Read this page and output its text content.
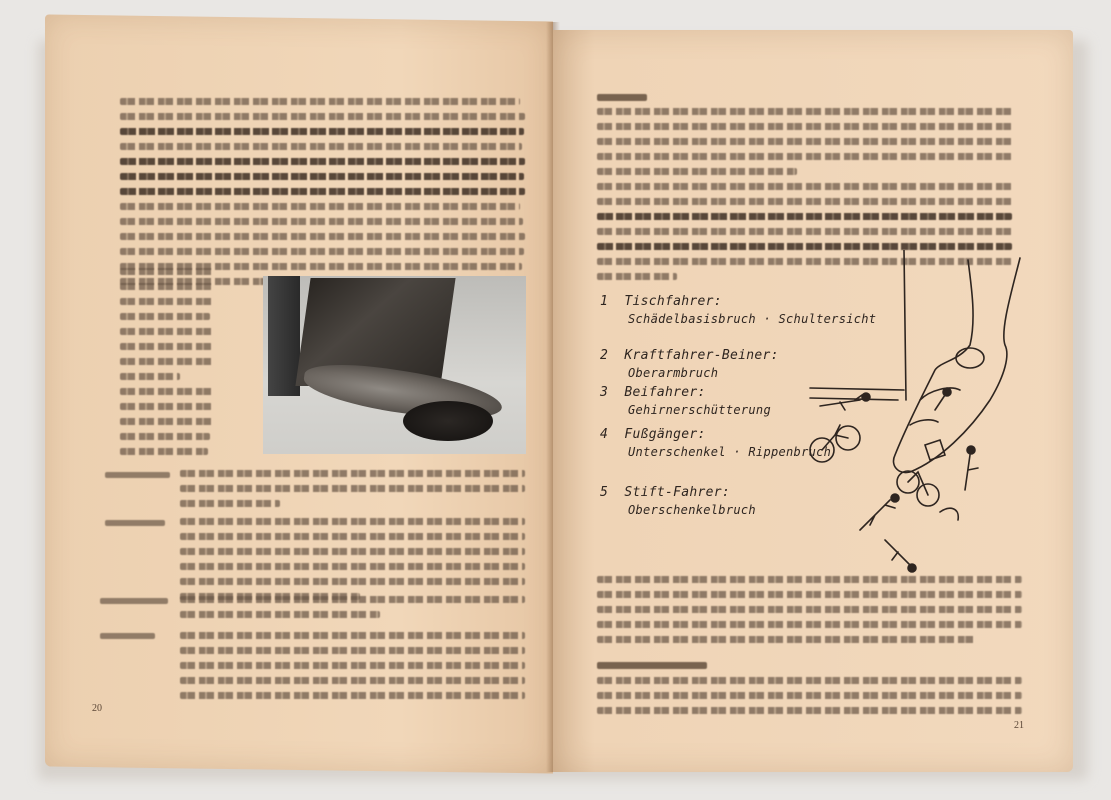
20
1 Tischfahrer:
Schädelbasisbruch · Schultersicht
2 Kraftfahrer-Beiner:
Oberarmbruch
3 Beifahrer:
Gehirnerschütterung
4 Fußgänger:
Unterschenkel · Rippenbruch
5 Stift-Fahrer:
Oberschenkelbruch
21
